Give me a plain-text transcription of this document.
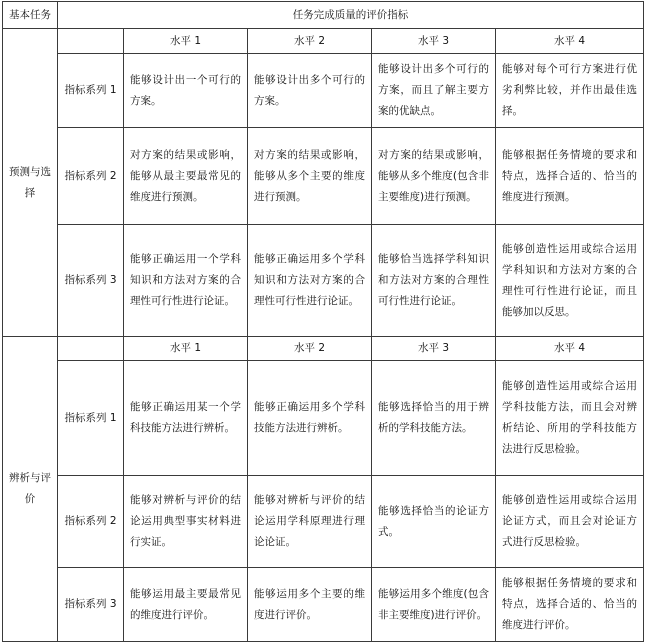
基本任务	任务完成质量的评价指标				
预测与选择		水平 1	水平 2	水平 3	水平 4
	指标系列 1	能够设计出一个可行的方案。	能够设计出多个可行的方案。	能够设计出多个可行的方案，而且了解主要方案的优缺点。	能够对每个可行方案进行优劣利弊比较，并作出最佳选择。
	指标系列 2	对方案的结果或影响，能够从最主要最常见的维度进行预测。	对方案的结果或影响，能够从多个主要的维度进行预测。	对方案的结果或影响，能够从多个维度(包含非主要维度)进行预测。	能够根据任务情境的要求和特点，选择合适的、恰当的维度进行预测。
	指标系列 3	能够正确运用一个学科知识和方法对方案的合理性可行性进行论证。	能够正确运用多个学科知识和方法对方案的合理性可行性进行论证。	能够恰当选择学科知识和方法对方案的合理性可行性进行论证。	能够创造性运用或综合运用学科知识和方法对方案的合理性可行性进行论证，而且能够加以反思。
辨析与评价		水平 1	水平 2	水平 3	水平 4
	指标系列 1	能够正确运用某一个学科技能方法进行辨析。	能够正确运用多个学科技能方法进行辨析。	能够选择恰当的用于辨析的学科技能方法。	能够创造性运用或综合运用学科技能方法，而且会对辨析结论、所用的学科技能方法进行反思检验。
	指标系列 2	能够对辨析与评价的结论运用典型事实材料进行实证。	能够对辨析与评价的结论运用学科原理进行理论论证。	能够选择恰当的论证方式。	能够创造性运用或综合运用论证方式，而且会对论证方式进行反思检验。
	指标系列 3	能够运用最主要最常见的维度进行评价。	能够运用多个主要的维度进行评价。	能够运用多个维度(包含非主要维度)进行评价。	能够根据任务情境的要求和特点，选择合适的、恰当的维度进行评价。
